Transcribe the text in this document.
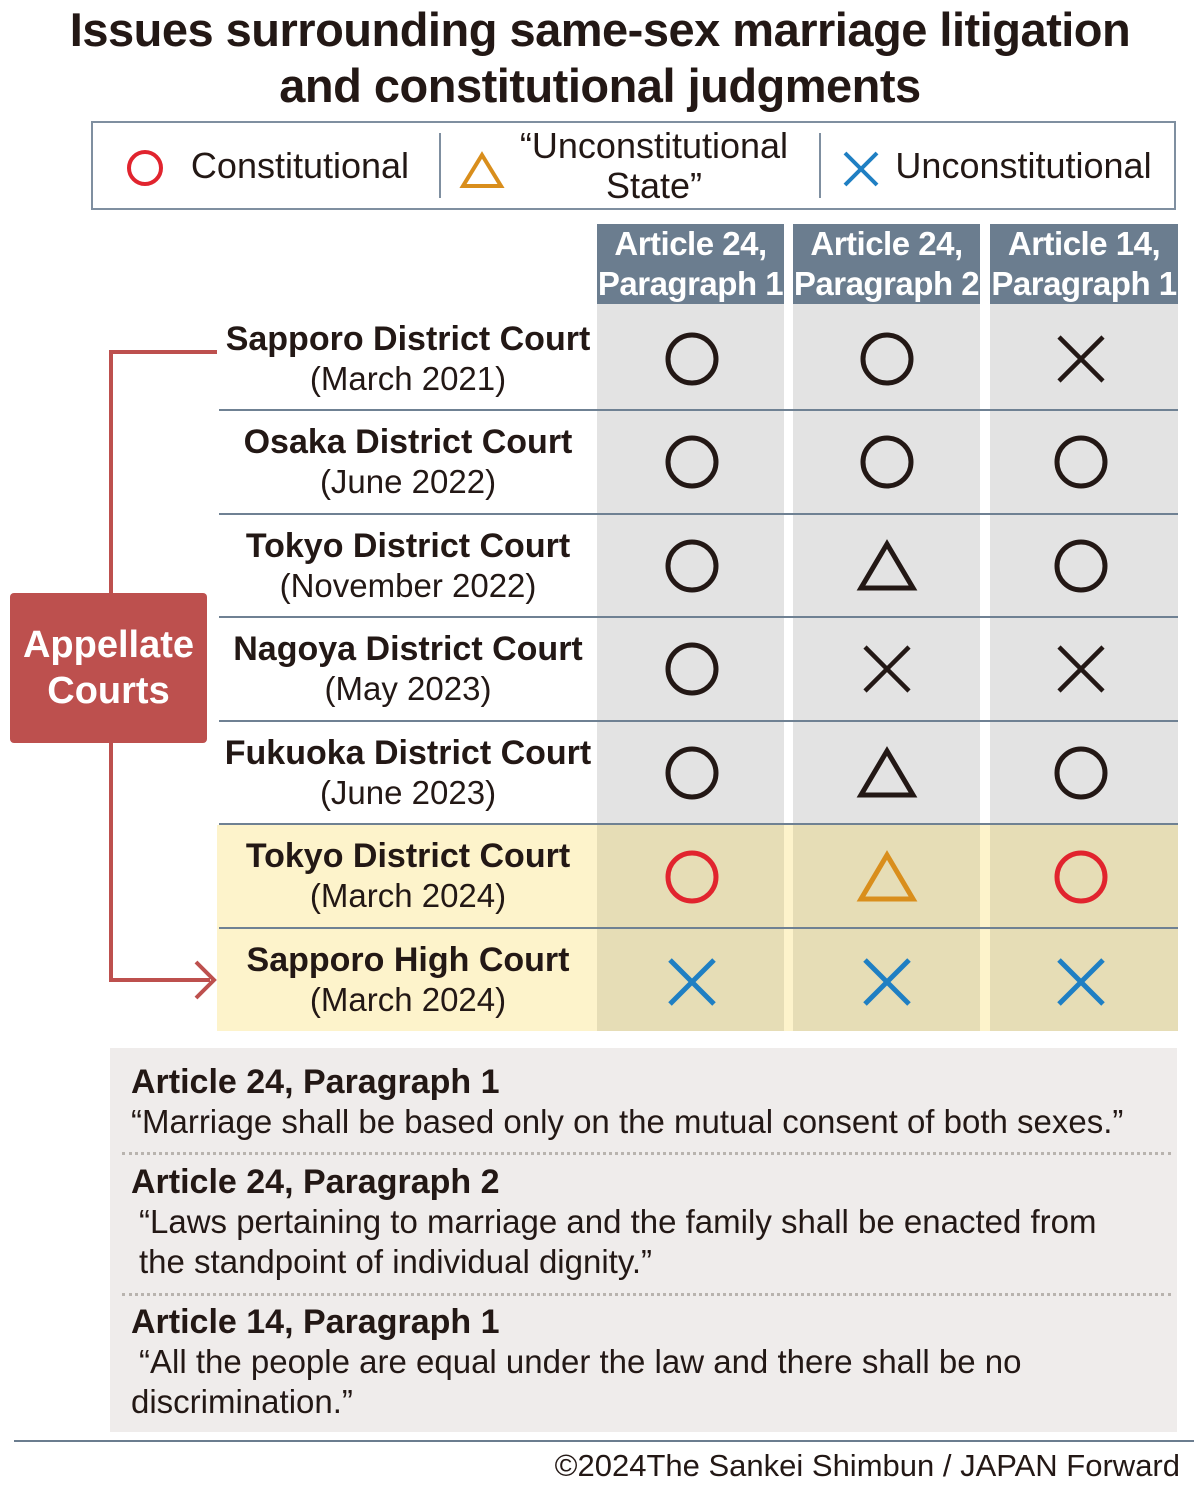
Issues surrounding same-sex marriage litigation
and constitutional judgments
Constitutional	“Unconstitutional State”	Unconstitutional
Article 24,
Paragraph 1
Article 24,
Paragraph 2
Article 14,
Paragraph 1
Sapporo District Court
(March 2021)
Osaka District Court
(June 2022)
Tokyo District Court
(November 2022)
Nagoya District Court
(May 2023)
Fukuoka District Court
(June 2023)
Tokyo District Court
(March 2024)
Sapporo High Court
(March 2024)
Appellate
Courts
Article 24, Paragraph 1
“Marriage shall be based only on the mutual consent of both sexes.”
Article 24, Paragraph 2
“Laws pertaining to marriage and the family shall be enacted from
the standpoint of individual dignity.”
Article 14, Paragraph 1
“All the people are equal under the law and there shall be no
discrimination.”
©2024The Sankei Shimbun / JAPAN Forward
